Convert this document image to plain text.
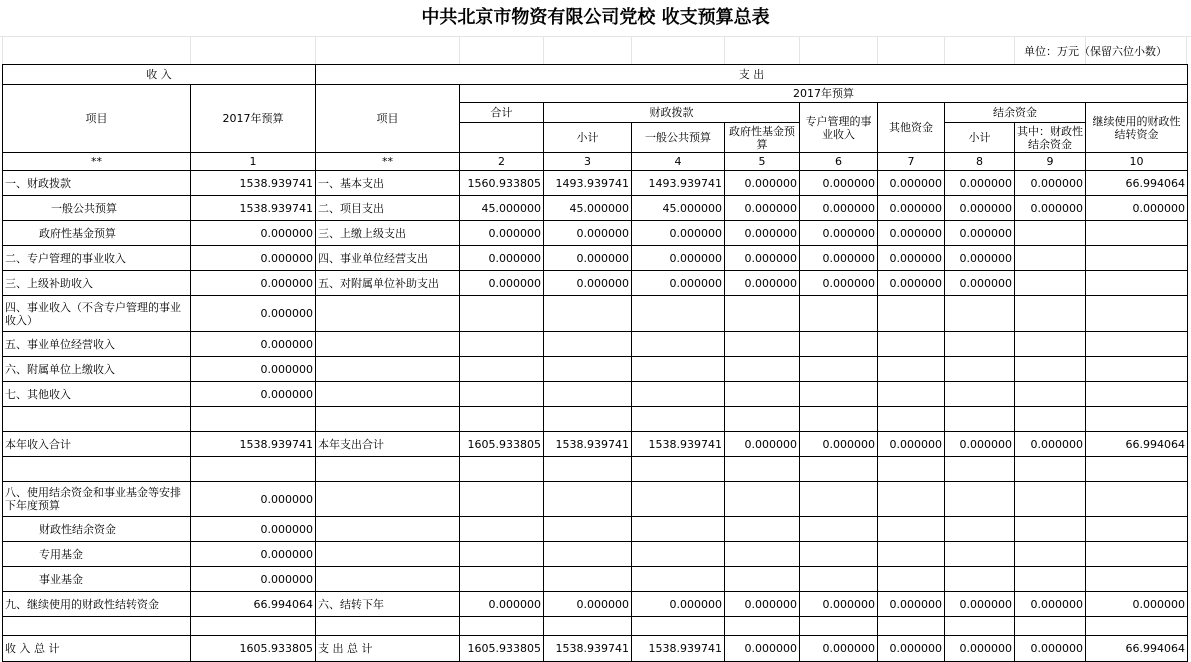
中共北京市物资有限公司党校 收支预算总表
单位：万元（保留六位小数）
收 入		支 出									
项目	2017年预算	项目	2017年预算								
			合计	财政拨款			专户管理的事业收入	其他资金	结余资金		继续使用的财政性结转资金
				小计	一般公共预算	政府性基金预算			小计	其中：财政性结余资金	
**	1	**	2	3	4	5	6	7	8	9	10
一、财政拨款	1538.939741	一、基本支出	1560.933805	1493.939741	1493.939741	0.000000	0.000000	0.000000	0.000000	0.000000	66.994064
一般公共预算	1538.939741	二、项目支出	45.000000	45.000000	45.000000	0.000000	0.000000	0.000000	0.000000	0.000000	0.000000
政府性基金预算	0.000000	三、上缴上级支出	0.000000	0.000000	0.000000	0.000000	0.000000	0.000000	0.000000		
二、专户管理的事业收入	0.000000	四、事业单位经营支出	0.000000	0.000000	0.000000	0.000000	0.000000	0.000000	0.000000		
三、上级补助收入	0.000000	五、对附属单位补助支出	0.000000	0.000000	0.000000	0.000000	0.000000	0.000000	0.000000		
四、事业收入（不含专户管理的事业收入）	0.000000										
五、事业单位经营收入	0.000000										
六、附属单位上缴收入	0.000000										
七、其他收入	0.000000										

本年收入合计	1538.939741	本年支出合计	1605.933805	1538.939741	1538.939741	0.000000	0.000000	0.000000	0.000000	0.000000	66.994064

八、使用结余资金和事业基金等安排下年度预算	0.000000										
财政性结余资金	0.000000										
专用基金	0.000000										
事业基金	0.000000										
九、继续使用的财政性结转资金	66.994064	六、结转下年	0.000000	0.000000	0.000000	0.000000	0.000000	0.000000	0.000000	0.000000	0.000000

收 入 总 计	1605.933805	支 出 总 计	1605.933805	1538.939741	1538.939741	0.000000	0.000000	0.000000	0.000000	0.000000	66.994064
